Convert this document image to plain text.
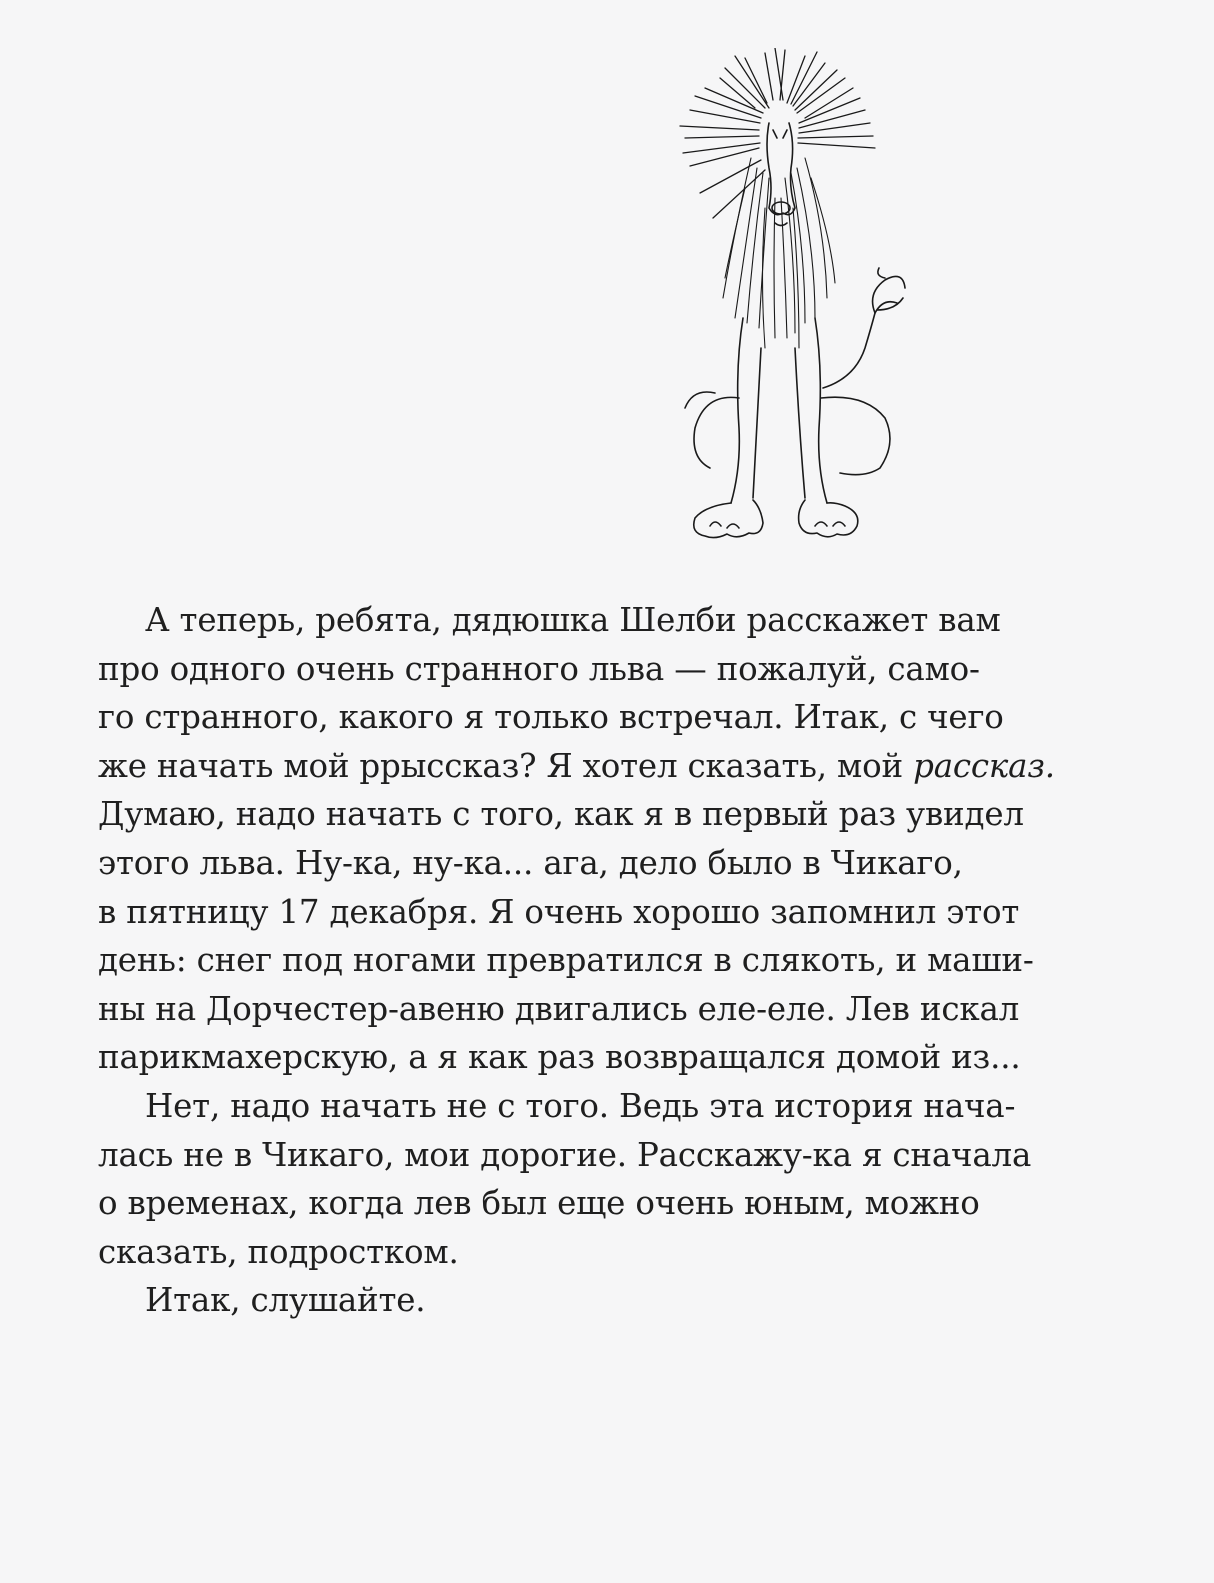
А теперь, ребята, дядюшка Шелби расскажет вам
про одного очень странного льва — пожалуй, само-
го странного, какого я только встречал. Итак, с чего
же начать мой ррыссказ? Я хотел сказать, мой рассказ.
Думаю, надо начать с того, как я в первый раз увидел
этого льва. Ну-ка, ну-ка... ага, дело было в Чикаго,
в пятницу 17 декабря. Я очень хорошо запомнил этот
день: снег под ногами превратился в слякоть, и маши-
ны на Дорчестер-авеню двигались еле-еле. Лев искал
парикмахерскую, а я как раз возвращался домой из...
Нет, надо начать не с того. Ведь эта история нача-
лась не в Чикаго, мои дорогие. Расскажу-ка я сначала
о временах, когда лев был еще очень юным, можно
сказать, подростком.
Итак, слушайте.
